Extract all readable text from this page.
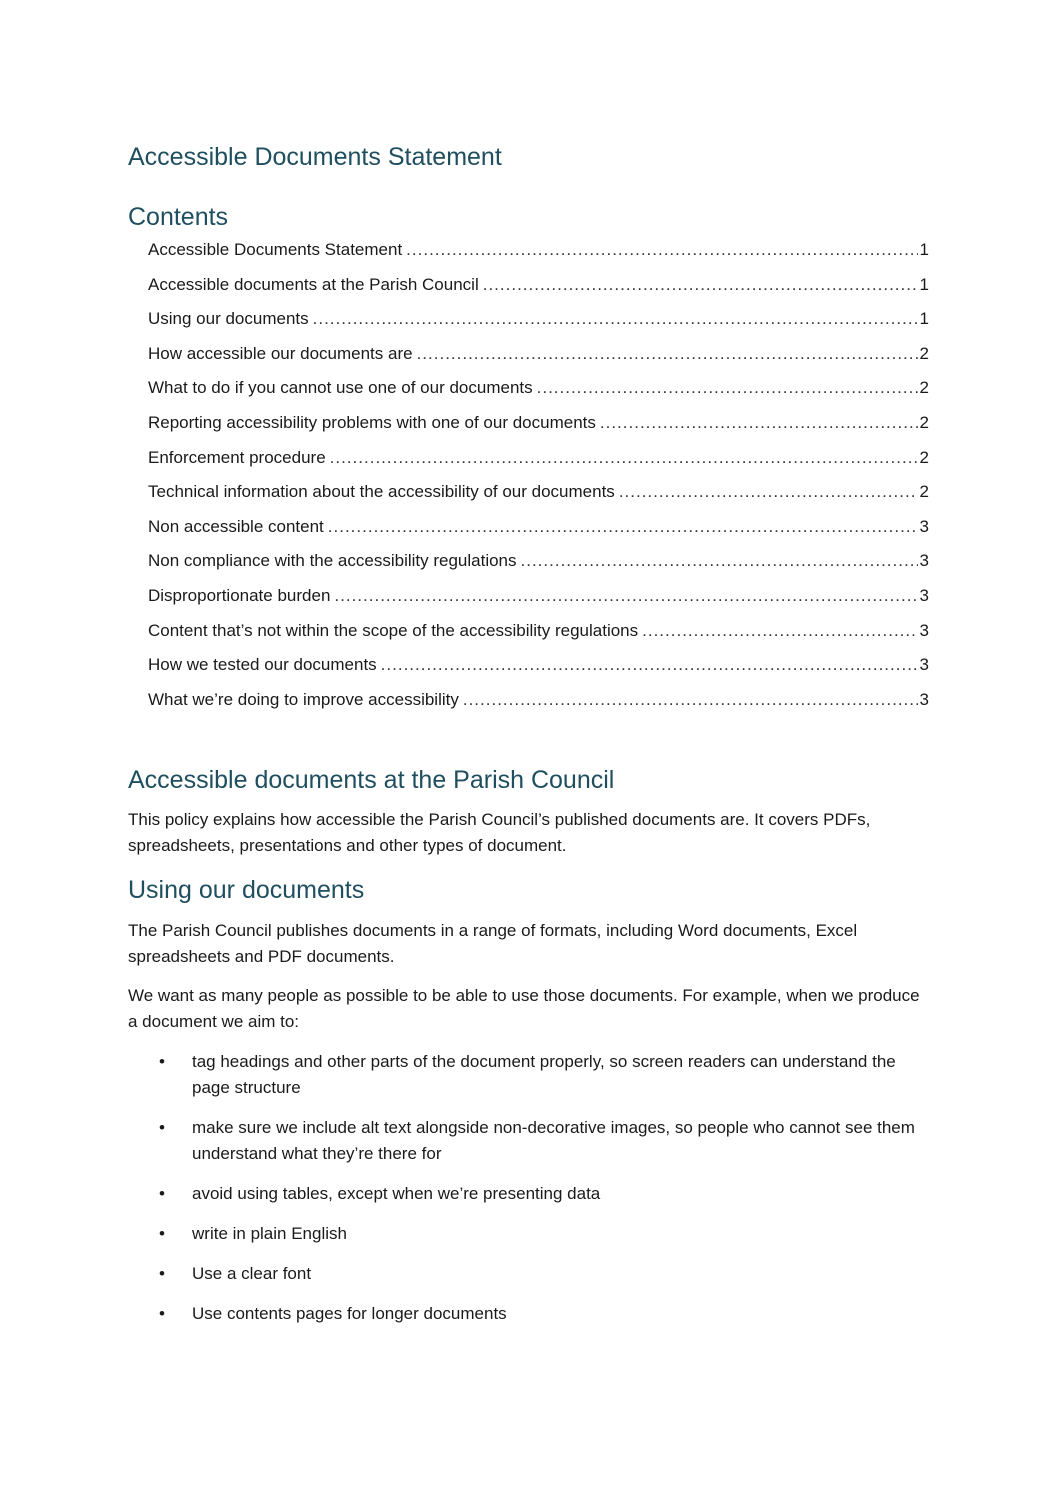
Accessible Documents Statement
Contents
Accessible Documents Statement .....	1
Accessible documents at the Parish Council .....	1
Using our documents .....	1
How accessible our documents are .....	2
What to do if you cannot use one of our documents .....	2
Reporting accessibility problems with one of our documents .....	2
Enforcement procedure .....	2
Technical information about the accessibility of our documents .....	2
Non accessible content .....	3
Non compliance with the accessibility regulations .....	3
Disproportionate burden .....	3
Content that’s not within the scope of the accessibility regulations .....	3
How we tested our documents .....	3
What we’re doing to improve accessibility .....	3
Accessible documents at the Parish Council

This policy explains how accessible the Parish Council’s published documents are. It covers PDFs, spreadsheets, presentations and other types of document.

Using our documents

The Parish Council publishes documents in a range of formats, including Word documents, Excel spreadsheets and PDF documents.

We want as many people as possible to be able to use those documents. For example, when we produce a document we aim to:

• tag headings and other parts of the document properly, so screen readers can understand the page structure
• make sure we include alt text alongside non-decorative images, so people who cannot see them understand what they’re there for
• avoid using tables, except when we’re presenting data
• write in plain English
• Use a clear font
• Use contents pages for longer documents
